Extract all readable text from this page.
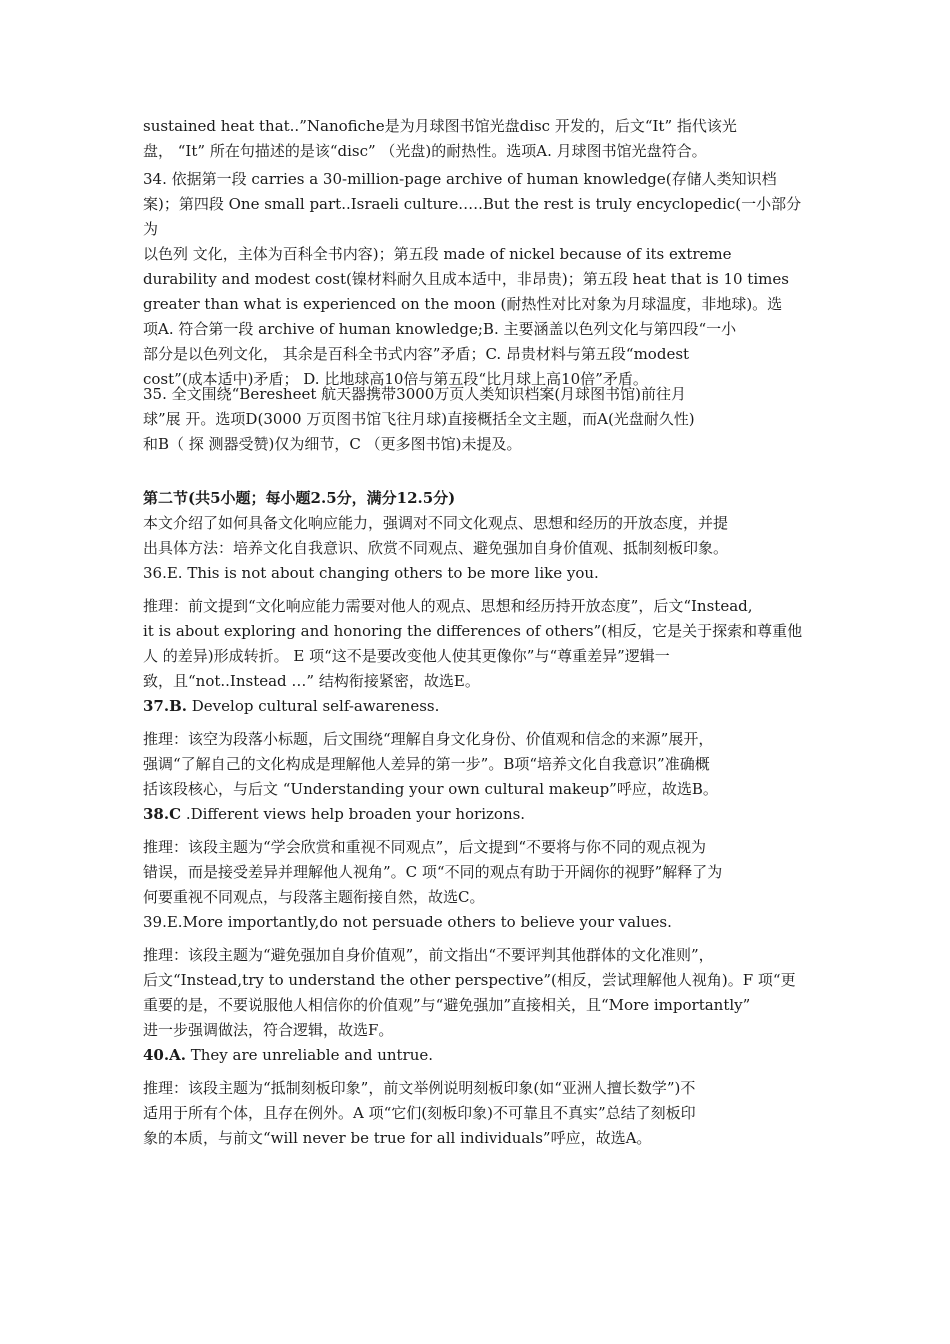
sustained heat that..”Nanofiche是为月球图书馆光盘disc 开发的，后文“It” 指代该光

盘， “It” 所在句描述的是该“disc” （光盘)的耐热性。选项A. 月球图书馆光盘符合。

34. 依据第一段 carries a 30-million-page archive of human knowledge(存储人类知识档

案)；第四段 One small part..Israeli culture.….But the rest is truly encyclopedic(一小部分为

以色列 文化，主体为百科全书内容)；第五段 made of nickel because of its extreme

durability and modest cost(镍材料耐久且成本适中，非昂贵)；第五段 heat that is 10 times

greater than what is experienced on the moon (耐热性对比对象为月球温度，非地球)。选

项A. 符合第一段 archive of human knowledge;B. 主要涵盖以色列文化与第四段“一小

部分是以色列文化， 其余是百科全书式内容”矛盾；C. 昂贵材料与第五段“modest

cost”(成本适中)矛盾； D. 比地球高10倍与第五段“比月球上高10倍”矛盾。

35. 全文围绕“Beresheet 航天器携带3000万页人类知识档案(月球图书馆)前往月

球”展 开。选项D(3000 万页图书馆飞往月球)直接概括全文主题，而A(光盘耐久性)

和B（ 探 测器受赞)仅为细节，C （更多图书馆)未提及。

第二节(共5小题；每小题2.5分，满分12.5分)

本文介绍了如何具备文化响应能力，强调对不同文化观点、思想和经历的开放态度，并提

出具体方法：培养文化自我意识、欣赏不同观点、避免强加自身价值观、抵制刻板印象。

36.E. This is not about changing others to be more like you.

推理：前文提到“文化响应能力需要对他人的观点、思想和经历持开放态度”，后文“Instead,

it is about exploring and honoring the differences of others”(相反，它是关于探索和尊重他

人 的差异)形成转折。 E 项“这不是要改变他人使其更像你”与“尊重差异”逻辑一

致，且“not..Instead …” 结构衔接紧密，故选E。

37.B. Develop cultural self-awareness.

推理：该空为段落小标题，后文围绕“理解自身文化身份、价值观和信念的来源”展开，

强调“了解自己的文化构成是理解他人差异的第一步”。B项“培养文化自我意识”准确概

括该段核心，与后文 “Understanding your own cultural makeup”呼应，故选B。

38.C .Different views help broaden your horizons.

推理：该段主题为“学会欣赏和重视不同观点”，后文提到“不要将与你不同的观点视为

错误，而是接受差异并理解他人视角”。C 项“不同的观点有助于开阔你的视野”解释了为

何要重视不同观点，与段落主题衔接自然，故选C。

39.E.More importantly,do not persuade others to believe your values.

推理：该段主题为“避免强加自身价值观”，前文指出“不要评判其他群体的文化准则”，

后文“Instead,try to understand the other perspective”(相反，尝试理解他人视角)。F 项“更

重要的是，不要说服他人相信你的价值观”与“避免强加”直接相关，且“More importantly”

进一步强调做法，符合逻辑，故选F。

40.A. They are unreliable and untrue.

推理：该段主题为“抵制刻板印象”，前文举例说明刻板印象(如“亚洲人擅长数学”)不

适用于所有个体，且存在例外。A 项“它们(刻板印象)不可靠且不真实”总结了刻板印

象的本质，与前文“will never be true for all individuals”呼应，故选A。
